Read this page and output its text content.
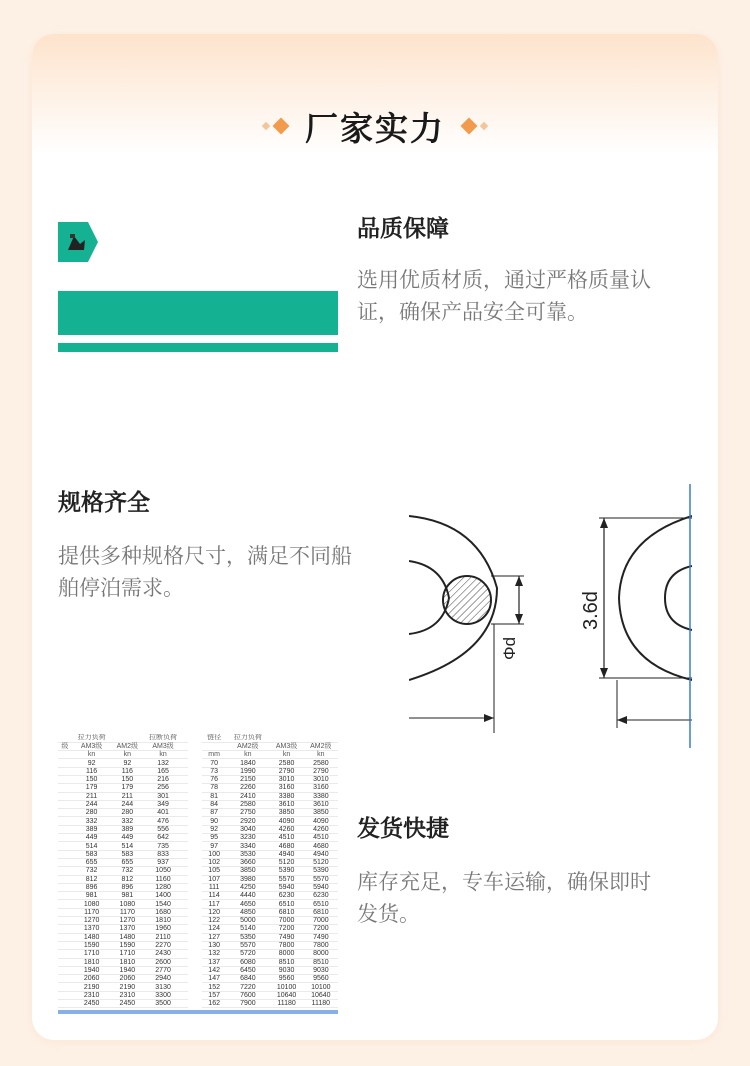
厂家实力
品质保障
选用优质材质，通过严格质量认
证，确保产品安全可靠。
规格齐全
提供多种规格尺寸，满足不同船
舶停泊需求。
Φd
3.6d
	拉力负荷		拉断负荷	
级	AM3级	AM2级	AM3级	
	kn	kn	kn	
	92	92	132	
	116	116	165	
	150	150	216	
	179	179	256	
	211	211	301	
	244	244	349	
	280	280	401	
	332	332	476	
	389	389	556	
	449	449	642	
	514	514	735	
	583	583	833	
	655	655	937	
	732	732	1050	
	812	812	1160	
	896	896	1280	
	981	981	1400	
	1080	1080	1540	
	1170	1170	1680	
	1270	1270	1810	
	1370	1370	1960	
	1480	1480	2110	
	1590	1590	2270	
	1710	1710	2430	
	1810	1810	2600	
	1940	1940	2770	
	2060	2060	2940	
	2190	2190	3130	
	2310	2310	3300	
	2450	2450	3500	
链径	拉力负荷		
	AM2级	AM3级	AM2级
mm	kn	kn	kn
70	1840	2580	2580
73	1990	2790	2790
76	2150	3010	3010
78	2260	3160	3160
81	2410	3380	3380
84	2580	3610	3610
87	2750	3850	3850
90	2920	4090	4090
92	3040	4260	4260
95	3230	4510	4510
97	3340	4680	4680
100	3530	4940	4940
102	3660	5120	5120
105	3850	5390	5390
107	3980	5570	5570
111	4250	5940	5940
114	4440	6230	6230
117	4650	6510	6510
120	4850	6810	6810
122	5000	7000	7000
124	5140	7200	7200
127	5350	7490	7490
130	5570	7800	7800
132	5720	8000	8000
137	6080	8510	8510
142	6450	9030	9030
147	6840	9560	9560
152	7220	10100	10100
157	7600	10640	10640
162	7900	11180	11180
发货快捷
库存充足，专车运输，确保即时
发货。
